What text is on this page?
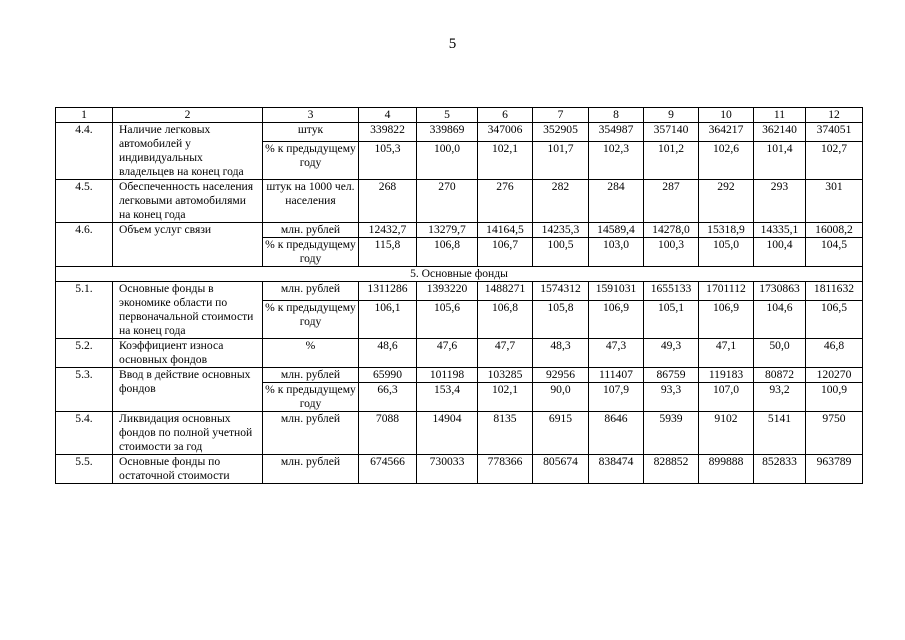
5
1	2	3	4	5	6	7	8	9	10	11	12
4.4.	Наличие легковых автомобилей у индивидуальных владельцев на конец года	штук	339822	339869	347006	352905	354987	357140	364217	362140	374051
		% к предыдущему году	105,3	100,0	102,1	101,7	102,3	101,2	102,6	101,4	102,7
4.5.	Обеспеченность населения легковыми автомобилями на конец года	штук на 1000 чел. населения	268	270	276	282	284	287	292	293	301
4.6.	Объем услуг связи	млн. рублей	12432,7	13279,7	14164,5	14235,3	14589,4	14278,0	15318,9	14335,1	16008,2
		% к предыдущему году	115,8	106,8	106,7	100,5	103,0	100,3	105,0	100,4	104,5
5. Основные фонды											
5.1.	Основные фонды в экономике области по первоначальной стоимости на конец года	млн. рублей	1311286	1393220	1488271	1574312	1591031	1655133	1701112	1730863	1811632
		% к предыдущему году	106,1	105,6	106,8	105,8	106,9	105,1	106,9	104,6	106,5
5.2.	Коэффициент износа основных фондов	%	48,6	47,6	47,7	48,3	47,3	49,3	47,1	50,0	46,8
5.3.	Ввод в действие основных фондов	млн. рублей	65990	101198	103285	92956	111407	86759	119183	80872	120270
		% к предыдущему году	66,3	153,4	102,1	90,0	107,9	93,3	107,0	93,2	100,9
5.4.	Ликвидация основных фондов по полной учетной стоимости за год	млн. рублей	7088	14904	8135	6915	8646	5939	9102	5141	9750
5.5.	Основные фонды по остаточной стоимости	млн. рублей	674566	730033	778366	805674	838474	828852	899888	852833	963789
